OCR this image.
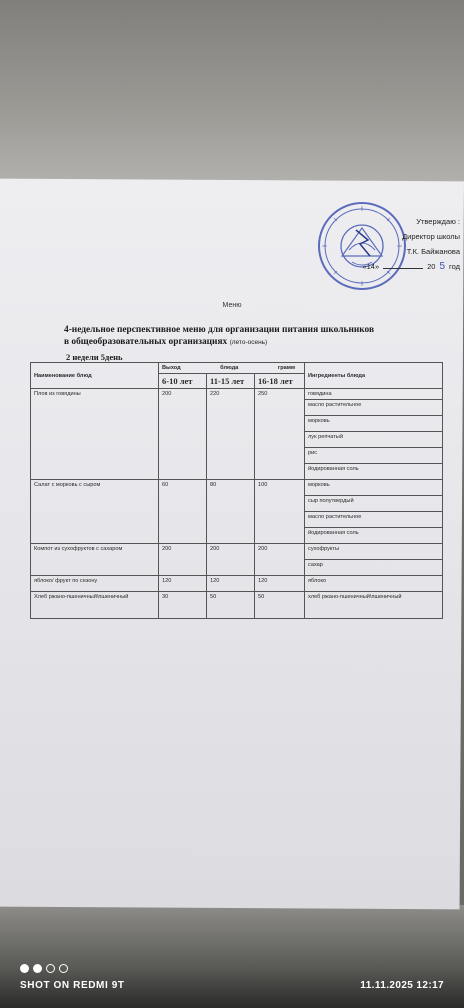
Утверждаю :
Директор школы
Т.К. Байжанова
«14»	20 5 год
Меню
4-недельное перспективное меню для организации питания школьников
в общеобразовательных организациях (лето-осень)
2 недели 5день
Наименование блюд	Выход блюда грамм			Ингредиенты блюда
	6-10 лет	11-15 лет	16-18 лет	
Плов из говядины	200	220	250	говядина
				масло растительное
				морковь
				лук репчатый
				рис
				йодированная соль
Салат с морковь с сыром	60	80	100	морковь
				сыр полутвердый
				масло растительное
				йодированная соль
Компот из сухофруктов с сахаром	200	200	200	сухофрукты
				сахар
яблоко/ фрукт по сезону	120	120	120	яблоко
Хлеб ржано-пшеничный\пшеничный	30	50	50	хлеб ржано-пшеничный\пшеничный
SHOT ON REDMI 9T	11.11.2025 12:17
